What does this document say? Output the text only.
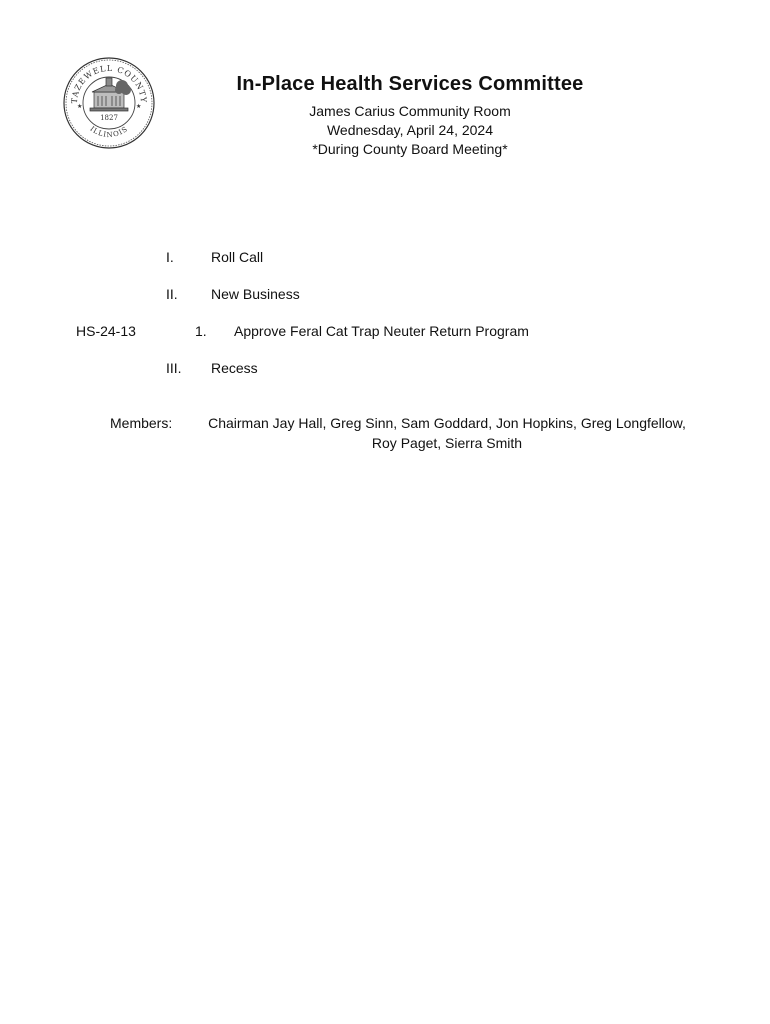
TAZEWELL COUNTY
ILLINOIS
1827
★	★
In-Place Health Services Committee
James Carius Community Room
Wednesday, April 24, 2024
*During County Board Meeting*
I.	Roll Call
II. New Business
HS-24-13	1. Approve Feral Cat Trap Neuter Return Program
III. Recess
Members:	Chairman Jay Hall, Greg Sinn, Sam Goddard, Jon Hopkins, Greg Longfellow,
Roy Paget, Sierra Smith
